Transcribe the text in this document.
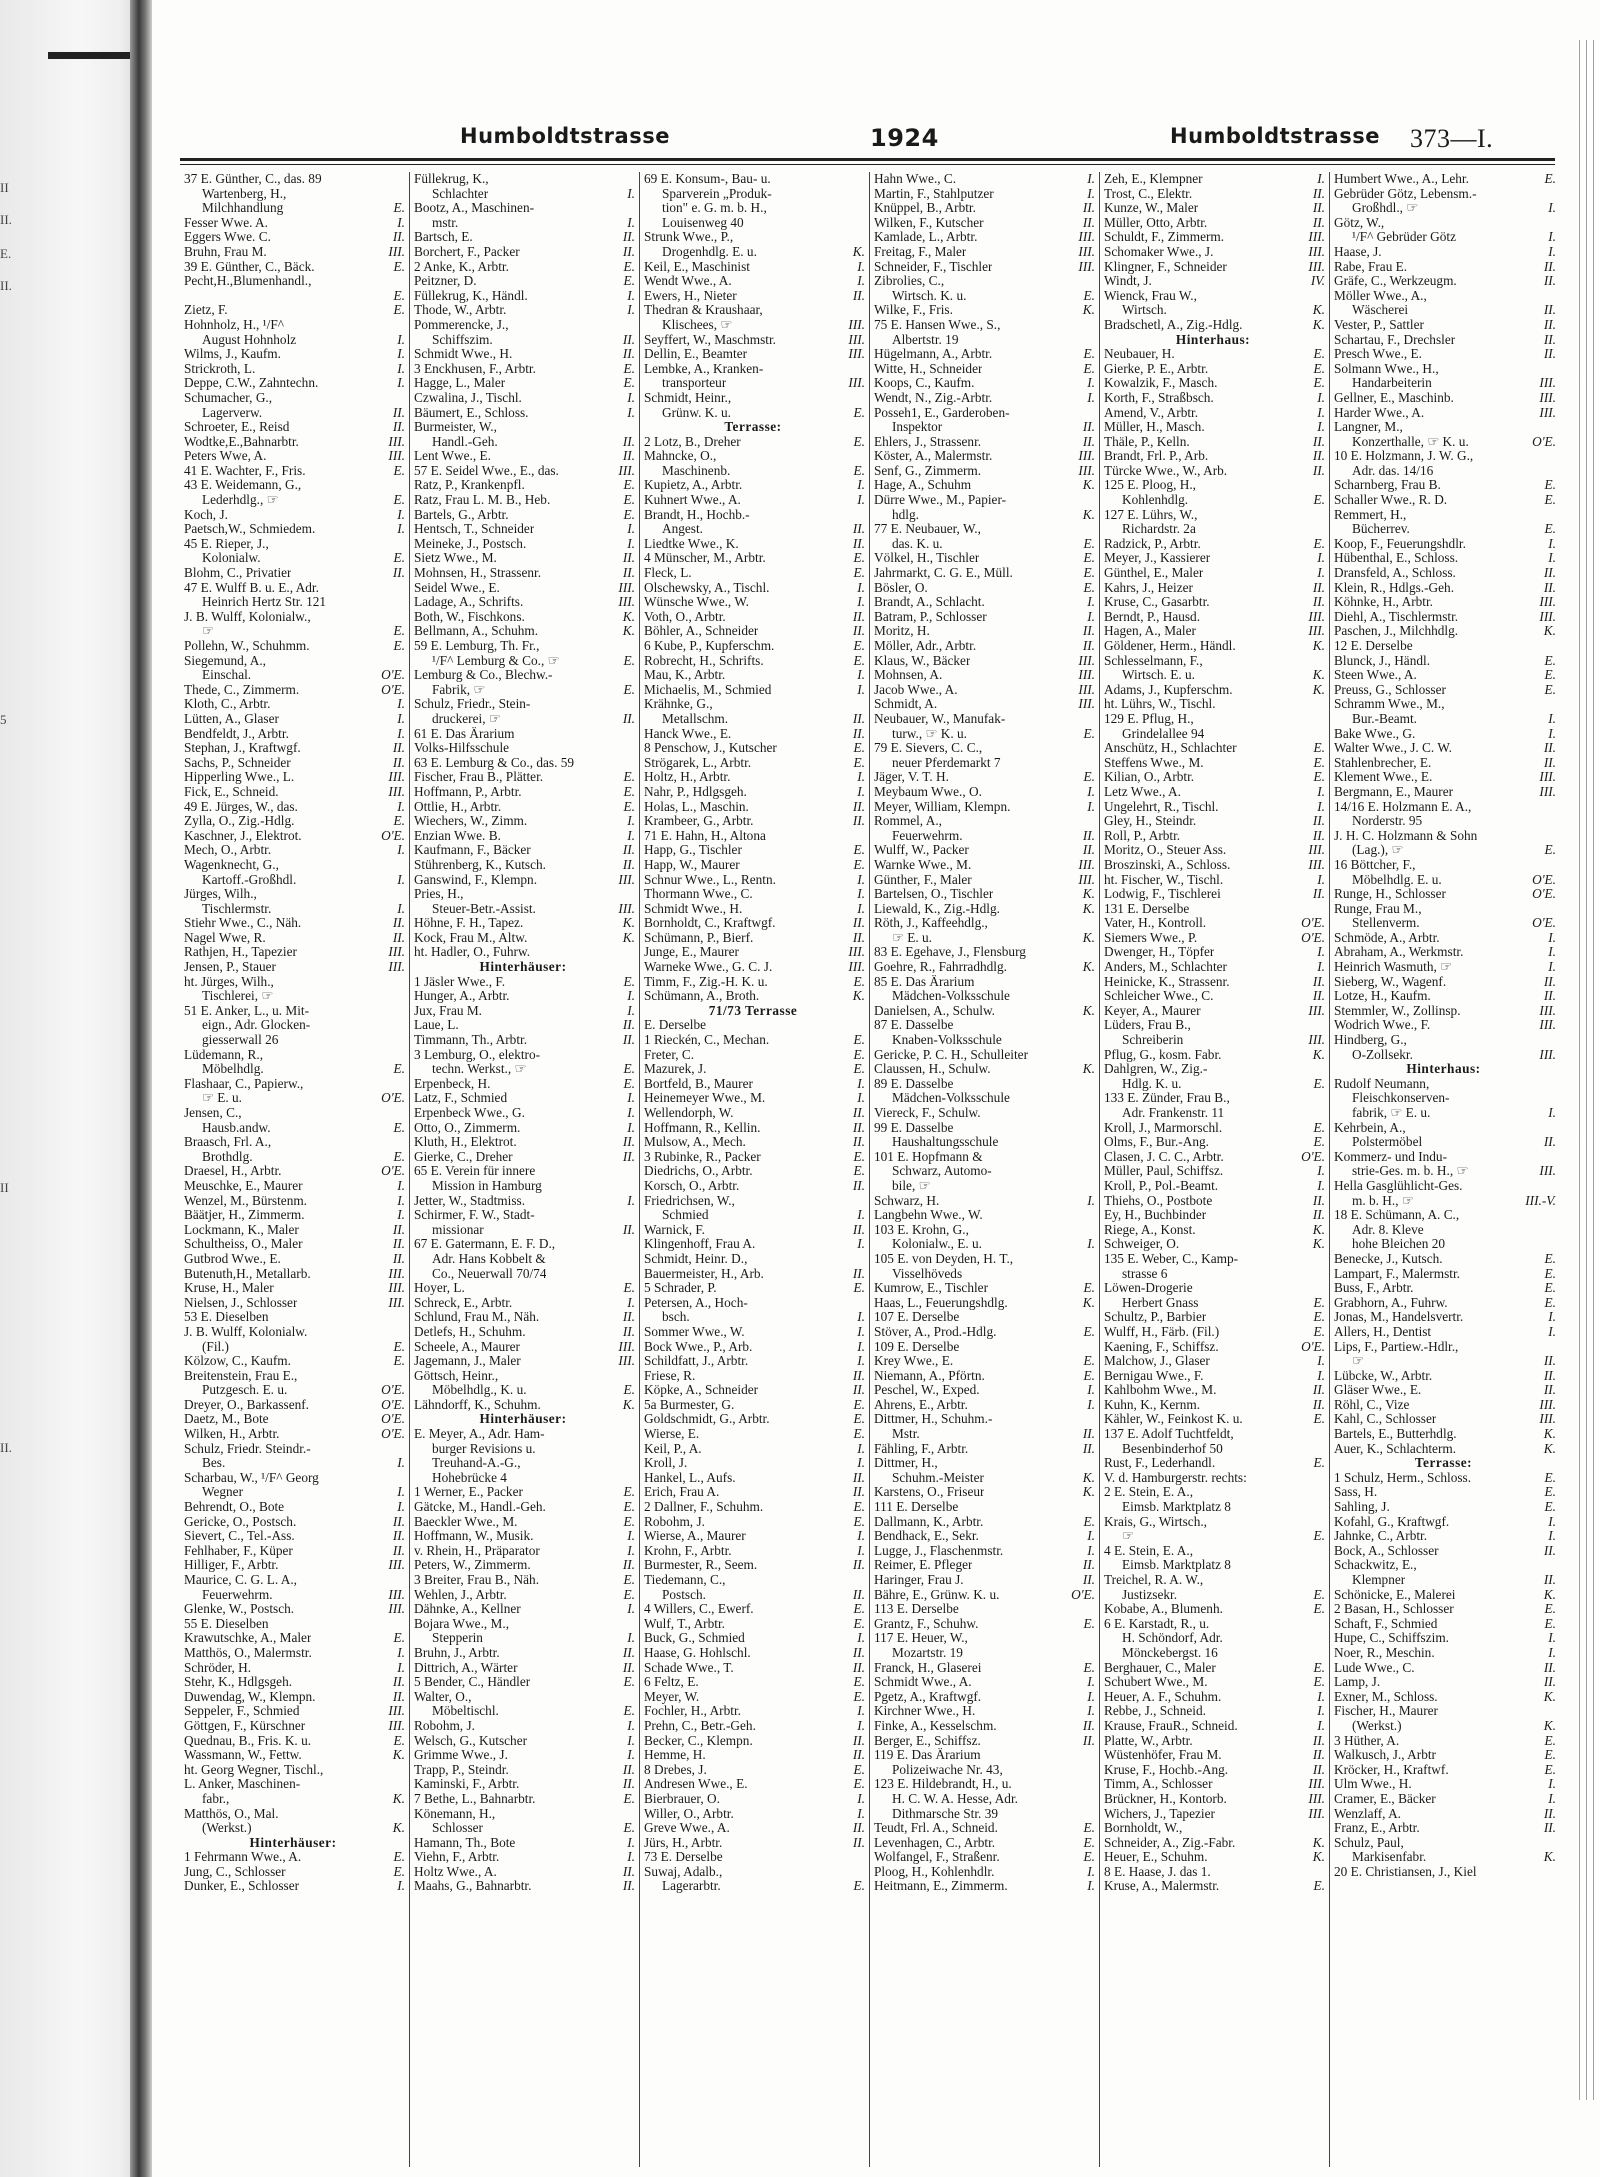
II
II.
E.
II.
5
II
II.
Humboldtstrasse	1924	Humboldtstrasse 373—I.
37 E. Günther, C., das. 89
Wartenberg, H.,
Milchhandlung	E.
Fesser Wwe. A.	I.
Eggers Wwe. C.	II.
Bruhn, Frau M.	III.
39 E. Günther, C., Bäck.	E.
Pecht,H.,Blumenhandl.,
E.
Zietz, F.	E.
Hohnholz, H., ¹/F^
August Hohnholz	I.
Wilms, J., Kaufm.	I.
Strickroth, L.	I.
Deppe, C.W., Zahntechn.	I.
Schumacher, G.,
Lagerverw.	II.
Schroeter, E., Reisd	II.
Wodtke,E.,Bahnarbtr.	III.
Peters Wwe, A.	III.
41 E. Wachter, F., Fris.	E.
43 E. Weidemann, G.,
Lederhdlg., ☞	E.
Koch, J.	I.
Paetsch,W., Schmiedem.	I.
45 E. Rieper, J.,
Kolonialw.	E.
Blohm, C., Privatier	II.
47 E. Wulff B. u. E., Adr.
Heinrich Hertz Str. 121
J. B. Wulff, Kolonialw.,
☞	E.
Pollehn, W., Schuhmm.	E.
Siegemund, A.,
Einschal.	O'E.
Thede, C., Zimmerm.	O'E.
Kloth, C., Arbtr.	I.
Lütten, A., Glaser	I.
Bendfeldt, J., Arbtr.	I.
Stephan, J., Kraftwgf.	II.
Sachs, P., Schneider	II.
Hipperling Wwe., L.	III.
Fick, E., Schneid.	III.
49 E. Jürges, W., das.	I.
Zylla, O., Zig.-Hdlg.	E.
Kaschner, J., Elektrot.	O'E.
Mech, O., Arbtr.	I.
Wagenknecht, G.,
Kartoff.-Großhdl.	I.
Jürges, Wilh.,
Tischlermstr.	I.
Stiehr Wwe., C., Näh.	II.
Nagel Wwe, R.	II.
Rathjen, H., Tapezier	III.
Jensen, P., Stauer	III.
ht. Jürges, Wilh.,
Tischlerei, ☞
51 E. Anker, L., u. Mit-
eign., Adr. Glocken-
giesserwall 26
Lüdemann, R.,
Möbelhdlg.	E.
Flashaar, C., Papierw.,
☞ E. u.	O'E.
Jensen, C.,
Hausb.andw.	E.
Braasch, Frl. A.,
Brothdlg.	E.
Draesel, H., Arbtr.	O'E.
Meuschke, E., Maurer	I.
Wenzel, M., Bürstenm.	I.
Bäätjer, H., Zimmerm.	I.
Lockmann, K., Maler	II.
Schultheiss, O., Maler	II.
Gutbrod Wwe., E.	II.
Butenuth,H., Metallarb.	III.
Kruse, H., Maler	III.
Nielsen, J., Schlosser	III.
53 E. Dieselben
J. B. Wulff, Kolonialw.
(Fil.)	E.
Kölzow, C., Kaufm.	E.
Breitenstein, Frau E.,
Putzgesch. E. u.	O'E.
Dreyer, O., Barkassenf.	O'E.
Daetz, M., Bote	O'E.
Wilken, H., Arbtr.	O'E.
Schulz, Friedr. Steindr.-
Bes.	I.
Scharbau, W., ¹/F^ Georg
Wegner	I.
Behrendt, O., Bote	I.
Gericke, O., Postsch.	II.
Sievert, C., Tel.-Ass.	II.
Fehlhaber, F., Küper	II.
Hilliger, F., Arbtr.	III.
Maurice, C. G. L. A.,
Feuerwehrm.	III.
Glenke, W., Postsch.	III.
55 E. Dieselben
Krawutschke, A., Maler	E.
Matthös, O., Malermstr.	I.
Schröder, H.	I.
Stehr, K., Hdlgsgeh.	II.
Duwendag, W., Klempn.	II.
Seppeler, F., Schmied	III.
Göttgen, F., Kürschner	III.
Quednau, B., Fris. K. u.	E.
Wassmann, W., Fettw.	K.
ht. Georg Wegner, Tischl.,
L. Anker, Maschinen-
fabr.,	K.
Matthös, O., Mal.
(Werkst.)	K.
Hinterhäuser:
1 Fehrmann Wwe., A.	E.
Jung, C., Schlosser	E.
Dunker, E., Schlosser	I.
Füllekrug, K.,
Schlachter	I.
Bootz, A., Maschinen-
mstr.	I.
Bartsch, E.	II.
Borchert, F., Packer	II.
2 Anke, K., Arbtr.	E.
Peitzner, D.	E.
Füllekrug, K., Händl.	I.
Thode, W., Arbtr.	I.
Pommerencke, J.,
Schiffszim.	II.
Schmidt Wwe., H.	II.
3 Enckhusen, F., Arbtr.	E.
Hagge, L., Maler	E.
Czwalina, J., Tischl.	I.
Bäumert, E., Schloss.	I.
Burmeister, W.,
Handl.-Geh.	II.
Lent Wwe., E.	II.
57 E. Seidel Wwe., E., das.	III.
Ratz, P., Krankenpfl.	E.
Ratz, Frau L. M. B., Heb.	E.
Bartels, G., Arbtr.	E.
Hentsch, T., Schneider	I.
Meineke, J., Postsch.	I.
Sietz Wwe., M.	II.
Mohnsen, H., Strassenr.	II.
Seidel Wwe., E.	III.
Ladage, A., Schrifts.	III.
Both, W., Fischkons.	K.
Bellmann, A., Schuhm.	K.
59 E. Lemburg, Th. Fr.,
¹/F^ Lemburg & Co., ☞	E.
Lemburg & Co., Blechw.-
Fabrik, ☞	E.
Schulz, Friedr., Stein-
druckerei, ☞	II.
61 E. Das Ärarium
Volks-Hilfsschule
63 E. Lemburg & Co., das. 59
Fischer, Frau B., Plätter.	E.
Hoffmann, P., Arbtr.	E.
Ottlie, H., Arbtr.	E.
Wiechers, W., Zimm.	I.
Enzian Wwe. B.	I.
Kaufmann, F., Bäcker	II.
Stührenberg, K., Kutsch.	II.
Ganswind, F., Klempn.	III.
Pries, H.,
Steuer-Betr.-Assist.	III.
Höhne, F. H., Tapez.	K.
Kock, Frau M., Altw.	K.
ht. Hadler, O., Fuhrw.
Hinterhäuser:
1 Jäsler Wwe., F.	E.
Hunger, A., Arbtr.	I.
Jux, Frau M.	I.
Laue, L.	II.
Timmann, Th., Arbtr.	II.
3 Lemburg, O., elektro-
techn. Werkst., ☞	E.
Erpenbeck, H.	E.
Latz, F., Schmied	I.
Erpenbeck Wwe., G.	I.
Otto, O., Zimmerm.	I.
Kluth, H., Elektrot.	II.
Gierke, C., Dreher	II.
65 E. Verein für innere
Mission in Hamburg
Jetter, W., Stadtmiss.	I.
Schirmer, F. W., Stadt-
missionar	II.
67 E. Gatermann, E. F. D.,
Adr. Hans Kobbelt &
Co., Neuerwall 70/74
Hoyer, L.	E.
Schreck, E., Arbtr.	I.
Schlund, Frau M., Näh.	II.
Detlefs, H., Schuhm.	II.
Scheele, A., Maurer	III.
Jagemann, J., Maler	III.
Göttsch, Heinr.,
Möbelhdlg., K. u.	E.
Lähndorff, K., Schuhm.	K.
Hinterhäuser:
E. Meyer, A., Adr. Ham-
burger Revisions u.
Treuhand-A.-G.,
Hohebrücke 4
1 Werner, E., Packer	E.
Gätcke, M., Handl.-Geh.	E.
Baeckler Wwe., M.	E.
Hoffmann, W., Musik.	I.
v. Rhein, H., Präparator	I.
Peters, W., Zimmerm.	II.
3 Breiter, Frau B., Näh.	E.
Wehlen, J., Arbtr.	E.
Dähnke, A., Kellner	I.
Bojara Wwe., M.,
Stepperin	I.
Bruhn, J., Arbtr.	II.
Dittrich, A., Wärter	II.
5 Bender, C., Händler	E.
Walter, O.,
Möbeltischl.	E.
Robohm, J.	I.
Welsch, G., Kutscher	I.
Grimme Wwe., J.	I.
Trapp, P., Steindr.	II.
Kaminski, F., Arbtr.	II.
7 Bethe, L., Bahnarbtr.	E.
Könemann, H.,
Schlosser	E.
Hamann, Th., Bote	I.
Viehn, F., Arbtr.	I.
Holtz Wwe., A.	II.
Maahs, G., Bahnarbtr.	II.
69 E. Konsum-, Bau- u.
Sparverein „Produk-
tion" e. G. m. b. H.,
Louisenweg 40
Strunk Wwe., P.,
Drogenhdlg. E. u.	K.
Keil, E., Maschinist	I.
Wendt Wwe., A.	I.
Ewers, H., Nieter	II.
Thedran & Kraushaar,
Klischees, ☞	III.
Seyffert, W., Maschmstr.	III.
Dellin, E., Beamter	III.
Lembke, A., Kranken-
transporteur	III.
Schmidt, Heinr.,
Grünw. K. u.	E.
Terrasse:
2 Lotz, B., Dreher	E.
Mahncke, O.,
Maschinenb.	E.
Kupietz, A., Arbtr.	I.
Kuhnert Wwe., A.	I.
Brandt, H., Hochb.-
Angest.	II.
Liedtke Wwe., K.	II.
4 Münscher, M., Arbtr.	E.
Fleck, L.	E.
Olschewsky, A., Tischl.	I.
Wünsche Wwe., W.	I.
Voth, O., Arbtr.	II.
Böhler, A., Schneider	II.
6 Kube, P., Kupferschm.	E.
Robrecht, H., Schrifts.	E.
Mau, K., Arbtr.	I.
Michaelis, M., Schmied	I.
Krähnke, G.,
Metallschm.	II.
Hanck Wwe., E.	II.
8 Penschow, J., Kutscher	E.
Strögarek, L., Arbtr.	E.
Holtz, H., Arbtr.	I.
Nahr, P., Hdlgsgeh.	I.
Holas, L., Maschin.	II.
Krambeer, G., Arbtr.	II.
71 E. Hahn, H., Altona
Happ, G., Tischler	E.
Happ, W., Maurer	E.
Schnur Wwe., L., Rentn.	I.
Thormann Wwe., C.	I.
Schmidt Wwe., H.	I.
Bornholdt, C., Kraftwgf.	II.
Schümann, P., Bierf.	II.
Junge, E., Maurer	III.
Warneke Wwe., G. C. J.	III.
Timm, F., Zig.-H. K. u.	E.
Schümann, A., Broth.	K.
71/73 Terrasse
E. Derselbe
1 Rieckén, C., Mechan.	E.
Freter, C.	E.
Mazurek, J.	E.
Bortfeld, B., Maurer	I.
Heinemeyer Wwe., M.	I.
Wellendorph, W.	II.
Hoffmann, R., Kellin.	II.
Mulsow, A., Mech.	II.
3 Rubinke, R., Packer	E.
Diedrichs, O., Arbtr.	E.
Korsch, O., Arbtr.	II.
Friedrichsen, W.,
Schmied	I.
Warnick, F.	II.
Klingenhoff, Frau A.	I.
Schmidt, Heinr. D.,
Bauermeister, H., Arb.	II.
5 Schrader, P.	E.
Petersen, A., Hoch-
bsch.	I.
Sommer Wwe., W.	I.
Bock Wwe., P., Arb.	I.
Schildfatt, J., Arbtr.	I.
Friese, R.	II.
Köpke, A., Schneider	II.
5a Burmester, G.	E.
Goldschmidt, G., Arbtr.	E.
Wierse, E.	E.
Keil, P., A.	I.
Kroll, J.	I.
Hankel, L., Aufs.	II.
Erich, Frau A.	II.
2 Dallner, F., Schuhm.	E.
Robohm, J.	E.
Wierse, A., Maurer	I.
Krohn, F., Arbtr.	I.
Burmester, R., Seem.	II.
Tiedemann, C.,
Postsch.	II.
4 Willers, C., Ewerf.	E.
Wulf, T., Arbtr.	E.
Buck, G., Schmied	I.
Haase, G. Hohlschl.	II.
Schade Wwe., T.	II.
6 Feltz, E.	E.
Meyer, W.	E.
Fochler, H., Arbtr.	I.
Prehn, C., Betr.-Geh.	I.
Becker, C., Klempn.	II.
Hemme, H.	II.
8 Drebes, J.	E.
Andresen Wwe., E.	E.
Bierbrauer, O.	I.
Willer, O., Arbtr.	I.
Greve Wwe., A.	II.
Jürs, H., Arbtr.	II.
73 E. Derselbe
Suwaj, Adalb.,
Lagerarbtr.	E.
Hahn Wwe., C.	I.
Martin, F., Stahlputzer	I.
Knüppel, B., Arbtr.	II.
Wilken, F., Kutscher	II.
Kamlade, L., Arbtr.	III.
Freitag, F., Maler	III.
Schneider, F., Tischler	III.
Zibrolies, C.,
Wirtsch. K. u.	E.
Wilke, F., Fris.	K.
75 E. Hansen Wwe., S.,
Albertstr. 19
Hügelmann, A., Arbtr.	E.
Witte, H., Schneider	E.
Koops, C., Kaufm.	I.
Wendt, N., Zig.-Arbtr.	I.
Posseh1, E., Garderoben-
Inspektor	II.
Ehlers, J., Strassenr.	II.
Köster, A., Malermstr.	III.
Senf, G., Zimmerm.	III.
Hage, A., Schuhm	K.
Dürre Wwe., M., Papier-
hdlg.	K.
77 E. Neubauer, W.,
das. K. u.	E.
Völkel, H., Tischler	E.
Jahrmarkt, C. G. E., Müll.	E.
Bösler, O.	E.
Brandt, A., Schlacht.	I.
Batram, P., Schlosser	I.
Moritz, H.	II.
Möller, Adr., Arbtr.	II.
Klaus, W., Bäcker	III.
Mohnsen, A.	III.
Jacob Wwe., A.	III.
Schmidt, A.	III.
Neubauer, W., Manufak-
turw., ☞ K. u.	E.
79 E. Sievers, C. C.,
neuer Pferdemarkt 7
Jäger, V. T. H.	E.
Meybaum Wwe., O.	I.
Meyer, William, Klempn.	I.
Rommel, A.,
Feuerwehrm.	II.
Wulff, W., Packer	II.
Warnke Wwe., M.	III.
Günther, F., Maler	III.
Bartelsen, O., Tischler	K.
Liewald, K., Zig.-Hdlg.	K.
Röth, J., Kaffeehdlg.,
☞ E. u.	K.
83 E. Egehave, J., Flensburg
Goehre, R., Fahrradhdlg.	K.
85 E. Das Ärarium
Mädchen-Volksschule
Danielsen, A., Schulw.	K.
87 E. Dasselbe
Knaben-Volksschule
Gericke, P. C. H., Schulleiter
Claussen, H., Schulw.	K.
89 E. Dasselbe
Mädchen-Volksschule
Viereck, F., Schulw.
99 E. Dasselbe
Haushaltungsschule
101 E. Hopfmann &
Schwarz, Automo-
bile, ☞
Schwarz, H.	I.
Langbehn Wwe., W.
103 E. Krohn, G.,
Kolonialw., E. u.	I.
105 E. von Deyden, H. T.,
Visselhöveds
Kumrow, E., Tischler	E.
Haas, L., Feuerungshdlg.	K.
107 E. Derselbe
Stöver, A., Prod.-Hdlg.	E.
109 E. Derselbe
Krey Wwe., E.	E.
Niemann, A., Pförtn.	E.
Peschel, W., Exped.	I.
Ahrens, E., Arbtr.	I.
Dittmer, H., Schuhm.-
Mstr.	II.
Fähling, F., Arbtr.	II.
Dittmer, H.,
Schuhm.-Meister	K.
Karstens, O., Friseur	K.
111 E. Derselbe
Dallmann, K., Arbtr.	E.
Bendhack, E., Sekr.	I.
Lugge, J., Flaschenmstr.	I.
Reimer, E. Pfleger	II.
Haringer, Frau J.	II.
Bähre, E., Grünw. K. u.	O'E.
113 E. Derselbe
Grantz, F., Schuhw.	E.
117 E. Heuer, W.,
Mozartstr. 19
Franck, H., Glaserei	E.
Schmidt Wwe., A.	I.
Pgetz, A., Kraftwgf.	I.
Kirchner Wwe., H.	I.
Finke, A., Kesselschm.	II.
Berger, E., Schiffsz.	II.
119 E. Das Ärarium
Polizeiwache Nr. 43,
123 E. Hildebrandt, H., u.
H. C. W. A. Hesse, Adr.
Dithmarsche Str. 39
Teudt, Frl. A., Schneid.	E.
Levenhagen, C., Arbtr.	E.
Wolfangel, F., Straßenr.	E.
Ploog, H., Kohlenhdlr.	I.
Heitmann, E., Zimmerm.	I.
Zeh, E., Klempner	I.
Trost, C., Elektr.	II.
Kunze, W., Maler	II.
Müller, Otto, Arbtr.	II.
Schuldt, F., Zimmerm.	III.
Schomaker Wwe., J.	III.
Klingner, F., Schneider	III.
Windt, J.	IV.
Wienck, Frau W.,
Wirtsch.	K.
Bradschetl, A., Zig.-Hdlg.	K.
Hinterhaus:
Neubauer, H.	E.
Gierke, P. E., Arbtr.	E.
Kowalzik, F., Masch.	E.
Korth, F., Straßbsch.	I.
Amend, V., Arbtr.	I.
Müller, H., Masch.	I.
Thäle, P., Kelln.	II.
Brandt, Frl. P., Arb.	II.
Türcke Wwe., W., Arb.	II.
125 E. Ploog, H.,
Kohlenhdlg.	E.
127 E. Lührs, W.,
Richardstr. 2a
Radzick, P., Arbtr.	E.
Meyer, J., Kassierer	I.
Günthel, E., Maler	I.
Kahrs, J., Heizer	II.
Kruse, C., Gasarbtr.	II.
Berndt, P., Hausd.	III.
Hagen, A., Maler	III.
Göldener, Herm., Händl.	K.
Schlesselmann, F.,
Wirtsch. E. u.	K.
Adams, J., Kupferschm.	K.
ht. Lührs, W., Tischl.
129 E. Pflug, H.,
Grindelallee 94
Anschütz, H., Schlachter	E.
Steffens Wwe., M.	E.
Kilian, O., Arbtr.	E.
Letz Wwe., A.	I.
Ungelehrt, R., Tischl.	I.
Gley, H., Steindr.	II.
Roll, P., Arbtr.	II.
Moritz, O., Steuer Ass.	III.
Broszinski, A., Schloss.	III.
ht. Fischer, W., Tischl.	I.
Lodwig, F., Tischlerei	II.
131 E. Derselbe
Vater, H., Kontroll.	O'E.
Siemers Wwe., P.	O'E.
Dwenger, H., Töpfer	I.
Anders, M., Schlachter	I.
Heinicke, K., Strassenr.	II.
Schleicher Wwe., C.	II.
Keyer, A., Maurer	III.
Lüders, Frau B.,
Schreiberin	III.
Pflug, G., kosm. Fabr.	K.
Dahlgren, W., Zig.-
Hdlg. K. u.	E.
133 E. Zünder, Frau B.,
Adr. Frankenstr. 11
Kroll, J., Marmorschl.	E.
Olms, F., Bur.-Ang.	E.
Clasen, J. C. C., Arbtr.	O'E.
Müller, Paul, Schiffsz.	I.
Kroll, P., Pol.-Beamt.	I.
Thiehs, O., Postbote	II.
Ey, H., Buchbinder	II.
Riege, A., Konst.	K.
Schweiger, O.	K.
135 E. Weber, C., Kamp-
strasse 6
Löwen-Drogerie
Herbert Gnass	E.
Schultz, P., Barbier	E.
Wulff, H., Färb. (Fil.)	E.
Kaening, F., Schiffsz.	O'E.
Malchow, J., Glaser	I.
Bernigau Wwe., F.	I.
Kahlbohm Wwe., M.	II.
Kuhn, K., Kernm.	II.
Kähler, W., Feinkost K. u.	E.
137 E. Adolf Tuchtfeldt,
Besenbinderhof 50
Rust, F., Lederhandl.	E.
V. d. Hamburgerstr. rechts:
2 E. Stein, E. A.,
Eimsb. Marktplatz 8
Krais, G., Wirtsch.,
☞	E.
4 E. Stein, E. A.,
Eimsb. Marktplatz 8
Treichel, R. A. W.,
Justizsekr.	E.
Kobabe, A., Blumenh.	E.
6 E. Karstadt, R., u.
H. Schöndorf, Adr.
Mönckebergst. 16
Berghauer, C., Maler	E.
Schubert Wwe., M.	E.
Heuer, A. F., Schuhm.	I.
Rebbe, J., Schneid.	I.
Krause, FrauR., Schneid.	I.
Platte, W., Arbtr.	II.
Wüstenhöfer, Frau M.	II.
Kruse, F., Hochb.-Ang.	II.
Timm, A., Schlosser	III.
Brückner, H., Kontorb.	III.
Wichers, J., Tapezier	III.
Bornholdt, W.,
Schneider, A., Zig.-Fabr.	K.
Heuer, E., Schuhm.	K.
8 E. Haase, J. das 1.
Kruse, A., Malermstr.	E.
Humbert Wwe., A., Lehr.	E.
Gebrüder Götz, Lebensm.-
Großhdl., ☞	I.
Götz, W.,
¹/F^ Gebrüder Götz	I.
Haase, J.	I.
Rabe, Frau E.	II.
Gräfe, C., Werkzeugm.	II.
Möller Wwe., A.,
Wäscherei	II.
Vester, P., Sattler	II.
Schartau, F., Drechsler	II.
Presch Wwe., E.	II.
Solmann Wwe., H.,
Handarbeiterin	III.
Gellner, E., Maschinb.	III.
Harder Wwe., A.	III.
Langner, M.,
Konzerthalle, ☞ K. u.	O'E.
10 E. Holzmann, J. W. G.,
Adr. das. 14/16
Scharnberg, Frau B.	E.
Schaller Wwe., R. D.	E.
Remmert, H.,
Bücherrev.	E.
Koop, F., Feuerungshdlr.	I.
Hübenthal, E., Schloss.	I.
Dransfeld, A., Schloss.	II.
Klein, R., Hdlgs.-Geh.	II.
Köhnke, H., Arbtr.	III.
Diehl, A., Tischlermstr.	III.
Paschen, J., Milchhdlg.	K.
12 E. Derselbe
Blunck, J., Händl.	E.
Steen Wwe., A.	E.
Preuss, G., Schlosser	E.
Schramm Wwe., M.,
Bur.-Beamt.	I.
Bake Wwe., G.	I.
Walter Wwe., J. C. W.	II.
Stahlenbrecher, E.	II.
Klement Wwe., E.	III.
Bergmann, E., Maurer	III.
14/16 E. Holzmann E. A.,
Norderstr. 95
J. H. C. Holzmann & Sohn
(Lag.), ☞	E.
16 Böttcher, F.,
Möbelhdlg. E. u.	O'E.
Runge, H., Schlosser	O'E.
Runge, Frau M.,
Stellenverm.	O'E.
Schmöde, A., Arbtr.	I.
Abraham, A., Werkmstr.	I.
Heinrich Wasmuth, ☞	I.
Sieberg, W., Wagenf.	II.
Lotze, H., Kaufm.	II.
Stemmler, W., Zollinsp.	III.
Wodrich Wwe., F.	III.
Hindberg, G.,
O-Zollsekr.	III.
Hinterhaus:
Rudolf Neumann,
Fleischkonserven-
fabrik, ☞ E. u.	I.
Kehrbein, A.,
Polstermöbel	II.
Kommerz- und Indu-
strie-Ges. m. b. H., ☞	III.
Hella Gasglühlicht-Ges.
m. b. H., ☞	III.-V.
18 E. Schümann, A. C.,
Adr. 8. Kleve
hohe Bleichen 20
Benecke, J., Kutsch.	E.
Lampart, F., Malermstr.	E.
Buss, F., Arbtr.	E.
Grabhorn, A., Fuhrw.	E.
Jonas, M., Handelsvertr.	I.
Allers, H., Dentist	I.
Lips, F., Partiew.-Hdlr.,
☞	II.
Lübcke, W., Arbtr.	II.
Gläser Wwe., E.	II.
Röhl, C., Vize	III.
Kahl, C., Schlosser	III.
Bartels, E., Butterhdlg.	K.
Auer, K., Schlachterm.	K.
Terrasse:
1 Schulz, Herm., Schloss.	E.
Sass, H.	E.
Sahling, J.	E.
Kofahl, G., Kraftwgf.	I.
Jahnke, C., Arbtr.	I.
Bock, A., Schlosser	II.
Schackwitz, E.,
Klempner	II.
Schönicke, E., Malerei	K.
2 Basan, H., Schlosser	E.
Schaft, F., Schmied	E.
Hupe, C., Schiffszim.	I.
Noer, R., Meschin.	I.
Lude Wwe., C.	II.
Lamp, J.	II.
Exner, M., Schloss.	K.
Fischer, H., Maurer
(Werkst.)	K.
3 Hüther, A.	E.
Walkusch, J., Arbtr	E.
Kröcker, H., Kraftwf.	E.
Ulm Wwe., H.	I.
Cramer, E., Bäcker	I.
Wenzlaff, A.	II.
Franz, E., Arbtr.	II.
Schulz, Paul,
Markisenfabr.	K.
20 E. Christiansen, J., Kiel
